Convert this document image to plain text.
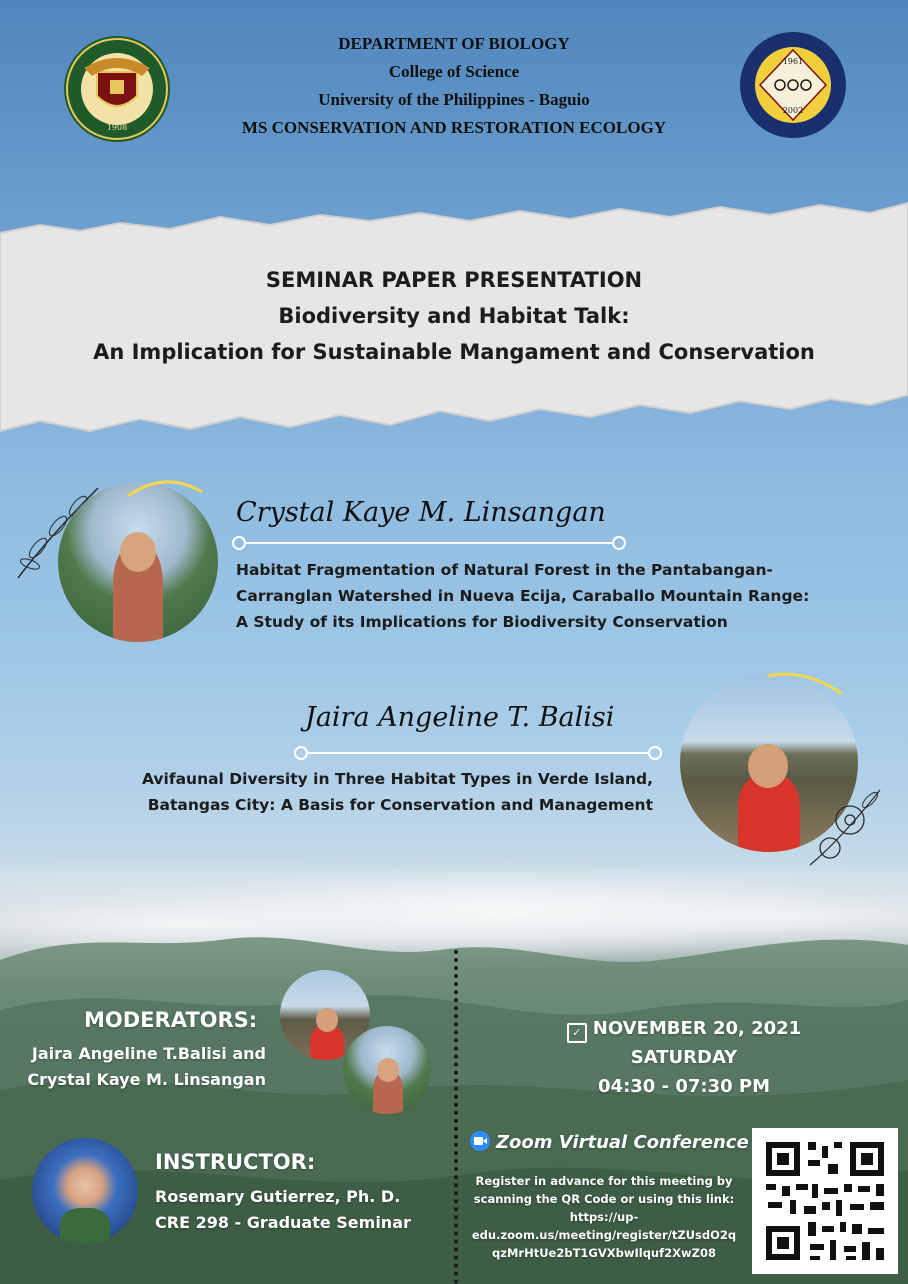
DEPARTMENT OF BIOLOGY
College of Science
University of the Philippines - Baguio
MS CONSERVATION AND RESTORATION ECOLOGY
1908
1961
2002
SEMINAR PAPER PRESENTATION
Biodiversity and Habitat Talk:
An Implication for Sustainable Mangament and Conservation
Crystal Kaye M. Linsangan
Habitat Fragmentation of Natural Forest in the Pantabangan-
Carranglan Watershed in Nueva Ecija, Caraballo Mountain Range:
A Study of its Implications for Biodiversity Conservation
Jaira Angeline T. Balisi
Avifaunal Diversity in Three Habitat Types in Verde Island,
Batangas City: A Basis for Conservation and Management
MODERATORS:
Jaira Angeline T.Balisi and
Crystal Kaye M. Linsangan
INSTRUCTOR:
Rosemary Gutierrez, Ph. D.
CRE 298 - Graduate Seminar
✓ NOVEMBER 20, 2021
SATURDAY
04:30 - 07:30 PM
Zoom Virtual Conference
Register in advance for this meeting by
scanning the QR Code or using this link:
https://up-
edu.zoom.us/meeting/register/tZUsdO2q
qzMrHtUe2bT1GVXbwIlquf2XwZ08
